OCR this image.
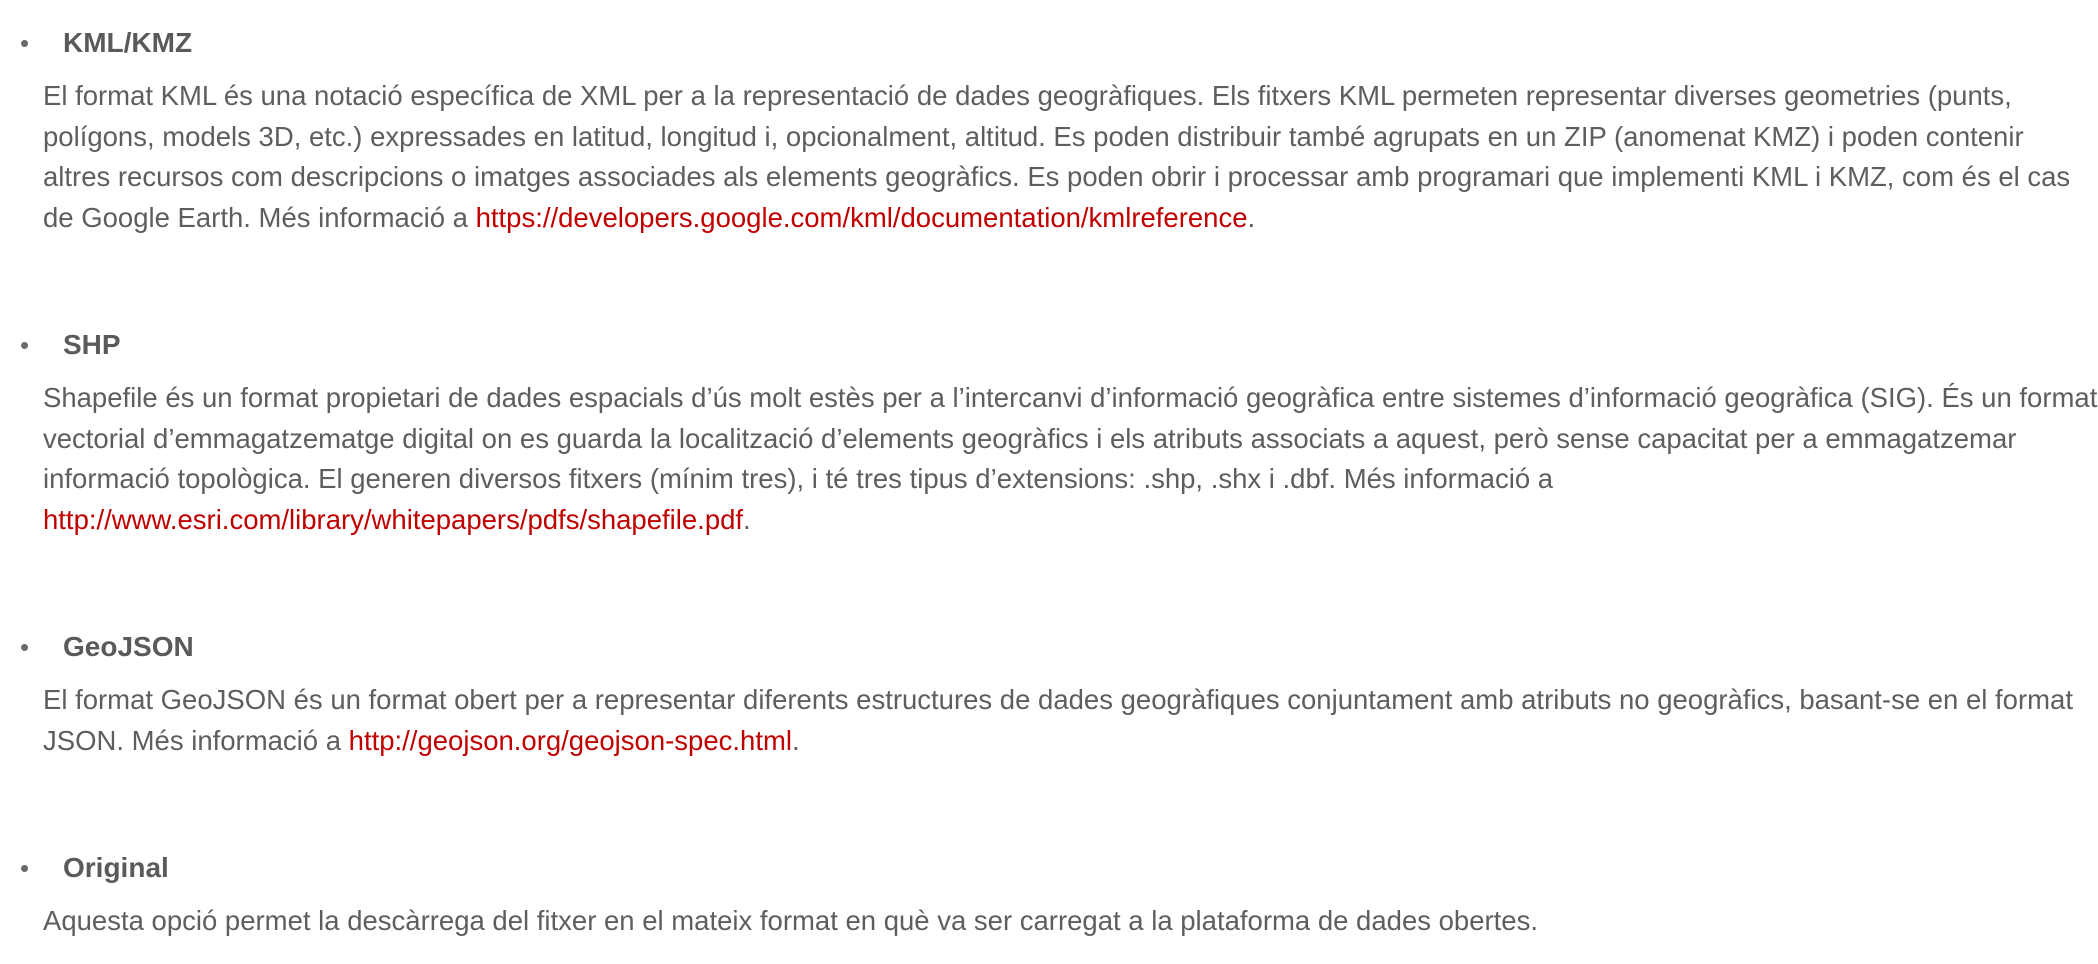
• KML/KMZ

El format KML és una notació específica de XML per a la representació de dades geogràfiques. Els fitxers KML permeten representar diverses geometries (punts, polígons, models 3D, etc.) expressades en latitud, longitud i, opcionalment, altitud. Es poden distribuir també agrupats en un ZIP (anomenat KMZ) i poden contenir altres recursos com descripcions o imatges associades als elements geogràfics. Es poden obrir i processar amb programari que implementi KML i KMZ, com és el cas de Google Earth. Més informació a https://developers.google.com/kml/documentation/kmlreference.

• SHP

Shapefile és un format propietari de dades espacials d’ús molt estès per a l’intercanvi d’informació geogràfica entre sistemes d’informació geogràfica (SIG). És un format vectorial d’emmagatzematge digital on es guarda la localització d’elements geogràfics i els atributs associats a aquest, però sense capacitat per a emmagatzemar informació topològica. El generen diversos fitxers (mínim tres), i té tres tipus d’extensions: .shp, .shx i .dbf. Més informació a http://www.esri.com/library/whitepapers/pdfs/shapefile.pdf.

• GeoJSON

El format GeoJSON és un format obert per a representar diferents estructures de dades geogràfiques conjuntament amb atributs no geogràfics, basant-se en el format JSON. Més informació a http://geojson.org/geojson-spec.html.

• Original

Aquesta opció permet la descàrrega del fitxer en el mateix format en què va ser carregat a la plataforma de dades obertes.
